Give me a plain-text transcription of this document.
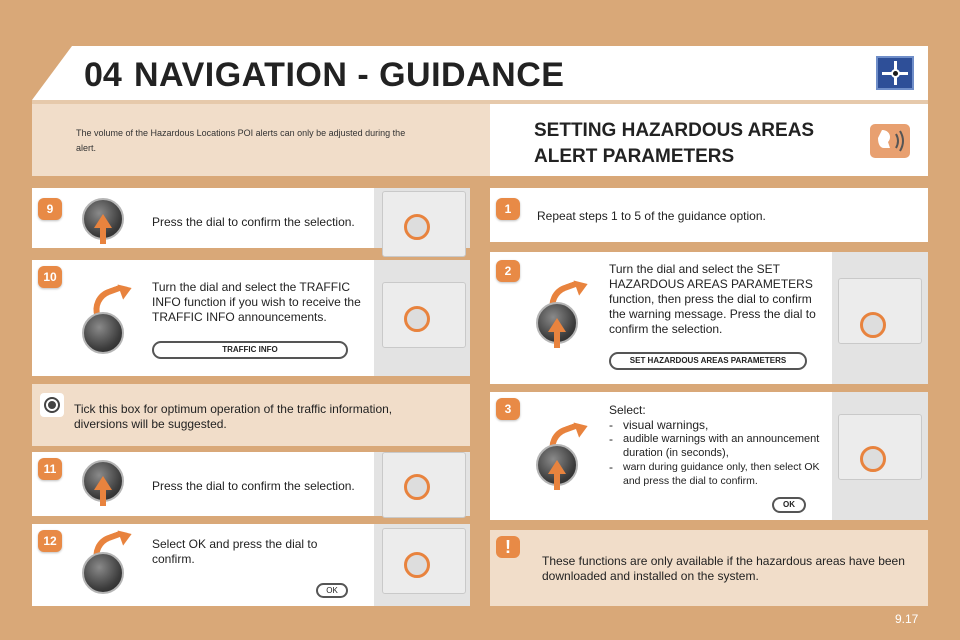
04 NAVIGATION - GUIDANCE
The volume of the Hazardous Locations POI alerts can only be adjusted during the alert.
SETTING HAZARDOUS AREAS ALERT PARAMETERS
9
Press the dial to confirm the selection.
10
Turn the dial and select the TRAFFIC INFO function if you wish to receive the TRAFFIC INFO announcements.
TRAFFIC INFO
Tick this box for optimum operation of the traffic information, diversions will be suggested.
11
Press the dial to confirm the selection.
12	Select OK and press the dial to confirm.
OK
1	Repeat steps 1 to 5 of the guidance option.
2	Turn the dial and select the SET HAZARDOUS AREAS PARAMETERS function, then press the dial to confirm the warning message. Press the dial to confirm the selection.
SET HAZARDOUS AREAS PARAMETERS
3	Select:
- visual warnings,
- audible warnings with an announcement duration (in seconds),
- warn during guidance only, then select OK and press the dial to confirm.
OK
!
These functions are only available if the hazardous areas have been downloaded and installed on the system.
9.17
